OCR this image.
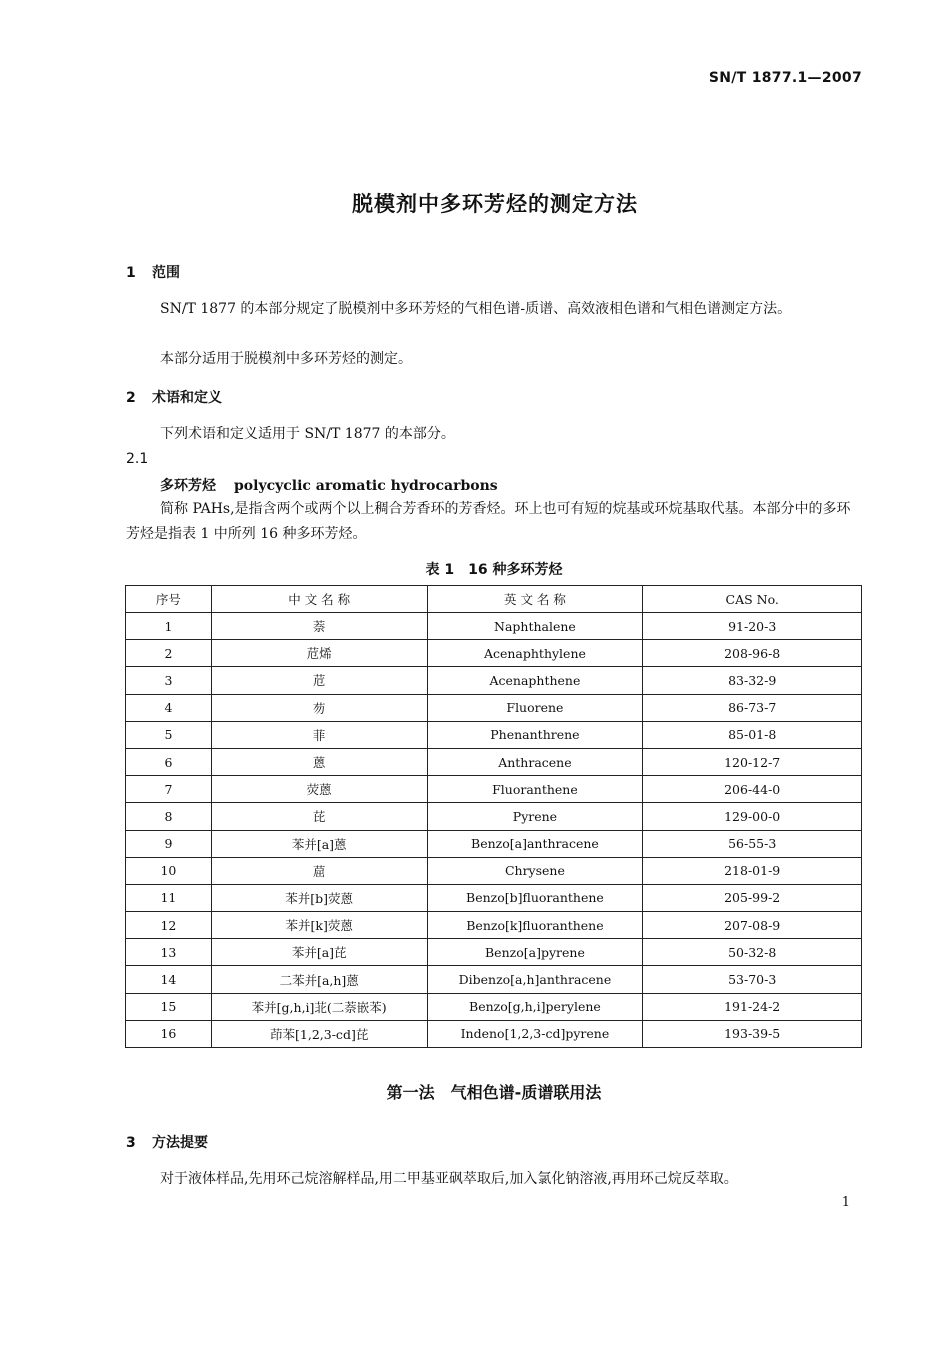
SN/T 1877.1—2007
脱模剂中多环芳烃的测定方法
1 范围
SN/T 1877 的本部分规定了脱模剂中多环芳烃的气相色谱-质谱、高效液相色谱和气相色谱测定方法。
本部分适用于脱模剂中多环芳烃的测定。
2 术语和定义
下列术语和定义适用于 SN/T 1877 的本部分。
2.1
多环芳烃 polycyclic aromatic hydrocarbons
简称 PAHs,是指含两个或两个以上稠合芳香环的芳香烃。环上也可有短的烷基或环烷基取代基。本部分中的多环芳烃是指表 1 中所列 16 种多环芳烃。
表 1　16 种多环芳烃
序号	中 文 名 称	英 文 名 称	CAS No.
1	萘	Naphthalene	91-20-3
2	苊烯	Acenaphthylene	208-96-8
3	苊	Acenaphthene	83-32-9
4	芴	Fluorene	86-73-7
5	菲	Phenanthrene	85-01-8
6	蒽	Anthracene	120-12-7
7	荧蒽	Fluoranthene	206-44-0
8	芘	Pyrene	129-00-0
9	苯并[a]蒽	Benzo[a]anthracene	56-55-3
10	䓛	Chrysene	218-01-9
11	苯并[b]荧蒽	Benzo[b]fluoranthene	205-99-2
12	苯并[k]荧蒽	Benzo[k]fluoranthene	207-08-9
13	苯并[a]芘	Benzo[a]pyrene	50-32-8
14	二苯并[a,h]蒽	Dibenzo[a,h]anthracene	53-70-3
15	苯并[g,h,i]苝(二萘嵌苯)	Benzo[g,h,i]perylene	191-24-2
16	茚苯[1,2,3-cd]芘	Indeno[1,2,3-cd]pyrene	193-39-5
第一法　气相色谱-质谱联用法
3 方法提要
对于液体样品,先用环己烷溶解样品,用二甲基亚砜萃取后,加入氯化钠溶液,再用环己烷反萃取。
1
